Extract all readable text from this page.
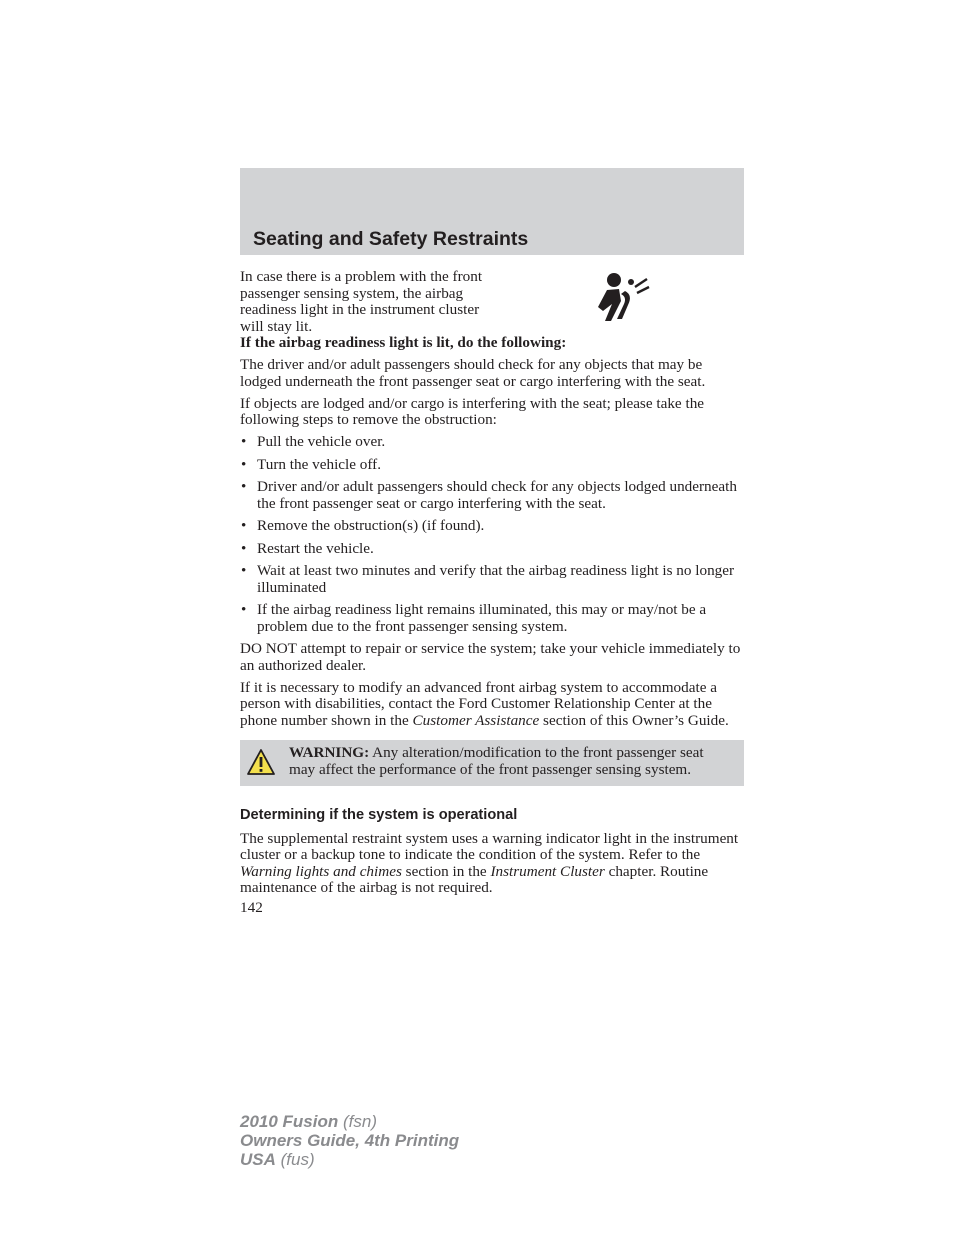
Seating and Safety Restraints
In case there is a problem with the front passenger sensing system, the airbag readiness light in the instrument cluster will stay lit.

If the airbag readiness light is lit, do the following:

The driver and/or adult passengers should check for any objects that may be lodged underneath the front passenger seat or cargo interfering with the seat.

If objects are lodged and/or cargo is interfering with the seat; please take the following steps to remove the obstruction:

• Pull the vehicle over.
• Turn the vehicle off.
• Driver and/or adult passengers should check for any objects lodged underneath the front passenger seat or cargo interfering with the seat.
• Remove the obstruction(s) (if found).
• Restart the vehicle.
• Wait at least two minutes and verify that the airbag readiness light is no longer illuminated
• If the airbag readiness light remains illuminated, this may or may/not be a problem due to the front passenger sensing system.

DO NOT attempt to repair or service the system; take your vehicle immediately to an authorized dealer.

If it is necessary to modify an advanced front airbag system to accommodate a person with disabilities, contact the Ford Customer Relationship Center at the phone number shown in the Customer Assistance section of this Owner’s Guide.

WARNING: Any alteration/modification to the front passenger seat may affect the performance of the front passenger sensing system.
Determining if the system is operational

The supplemental restraint system uses a warning indicator light in the instrument cluster or a backup tone to indicate the condition of the system. Refer to the Warning lights and chimes section in the Instrument Cluster chapter. Routine maintenance of the airbag is not required.

142
2010 Fusion (fsn)
Owners Guide, 4th Printing
USA (fus)
